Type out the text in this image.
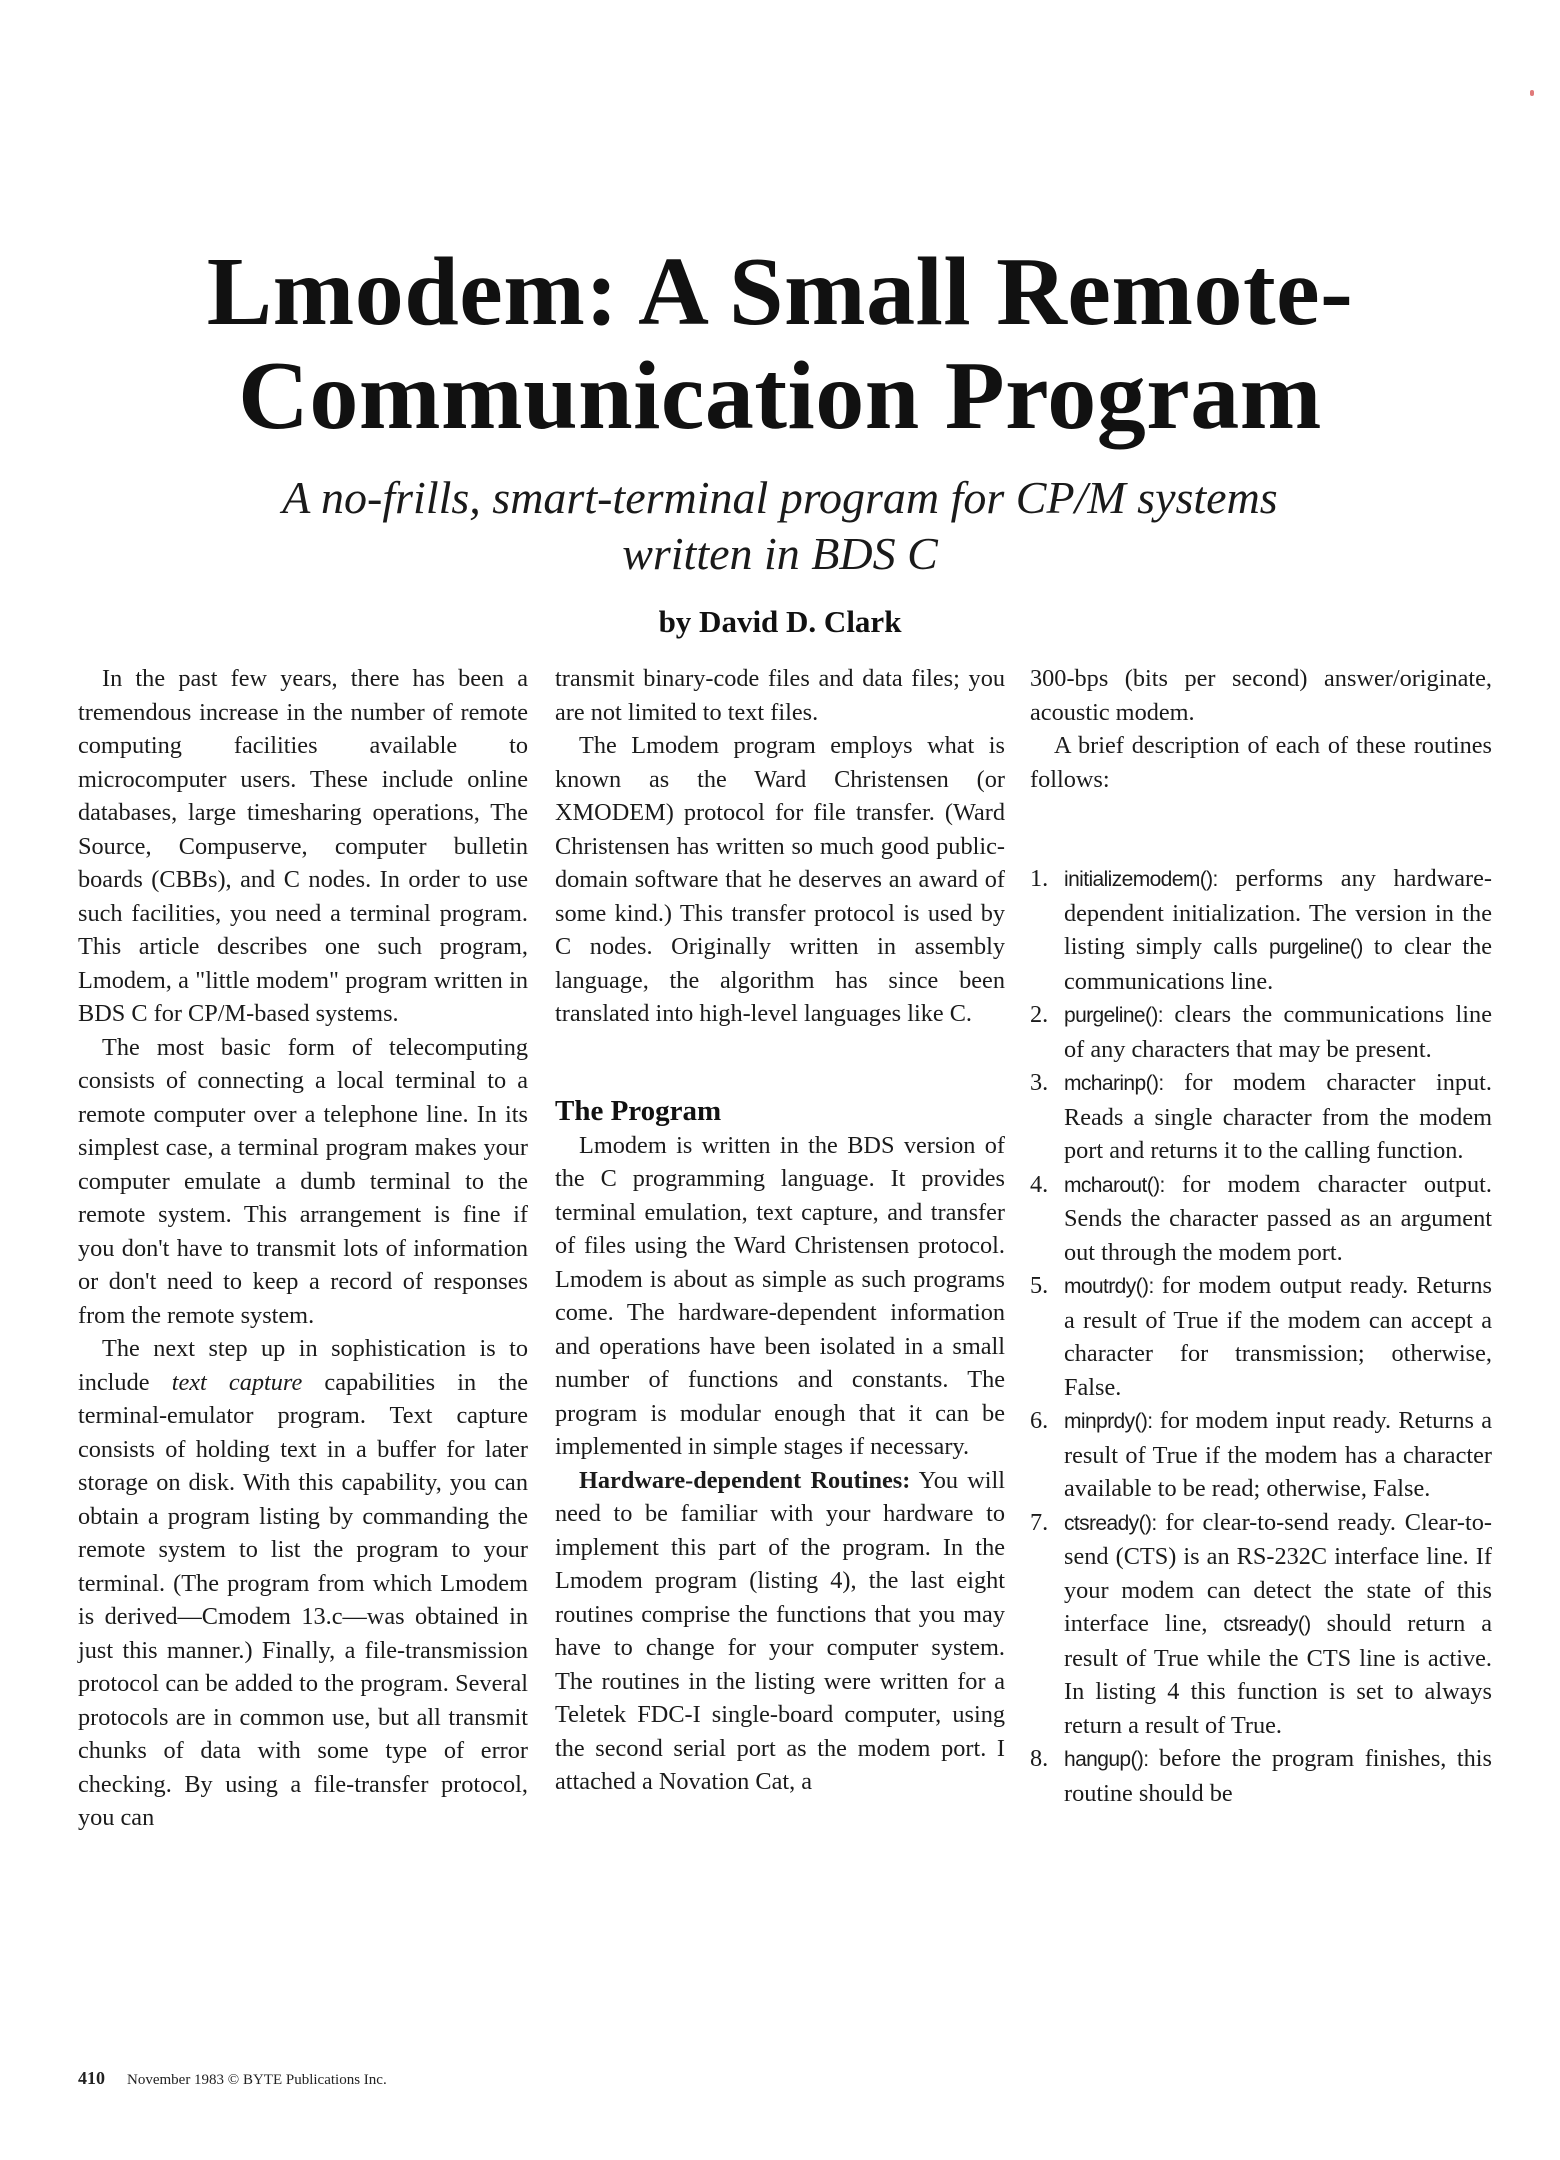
Lmodem: A Small Remote-
Communication Program
A no-frills, smart-terminal program for CP/M systems
written in BDS C
by David D. Clark

In the past few years, there has been a tremendous increase in the number of remote computing facilities available to microcomputer users. These include online databases, large timesharing operations, The Source, Compuserve, computer bulletin boards (CBBs), and C nodes. In order to use such facilities, you need a terminal program. This article describes one such program, Lmodem, a "little modem" program written in BDS C for CP/M-based systems.

The most basic form of telecomputing consists of connecting a local terminal to a remote computer over a telephone line. In its simplest case, a terminal program makes your computer emulate a dumb terminal to the remote system. This arrangement is fine if you don't have to transmit lots of information or don't need to keep a record of responses from the remote system.

The next step up in sophistication is to include text capture capabilities in the terminal-emulator program. Text capture consists of holding text in a buffer for later storage on disk. With this capability, you can obtain a program listing by commanding the remote system to list the program to your terminal. (The program from which Lmodem is derived—Cmodem 13.c—was obtained in just this manner.) Finally, a file-transmission protocol can be added to the program. Several protocols are in common use, but all transmit chunks of data with some type of error checking. By using a file-transfer protocol, you can

transmit binary-code files and data files; you are not limited to text files.

The Lmodem program employs what is known as the Ward Christensen (or XMODEM) protocol for file transfer. (Ward Christensen has written so much good public-domain software that he deserves an award of some kind.) This transfer protocol is used by C nodes. Originally written in assembly language, the algorithm has since been translated into high-level languages like C.

The Program

Lmodem is written in the BDS version of the C programming language. It provides terminal emulation, text capture, and transfer of files using the Ward Christensen protocol. Lmodem is about as simple as such programs come. The hardware-dependent information and operations have been isolated in a small number of functions and constants. The program is modular enough that it can be implemented in simple stages if necessary.

Hardware-dependent Routines: You will need to be familiar with your hardware to implement this part of the program. In the Lmodem program (listing 4), the last eight routines comprise the functions that you may have to change for your computer system. The routines in the listing were written for a Teletek FDC-I single-board computer, using the second serial port as the modem port. I attached a Novation Cat, a

300-bps (bits per second) answer/originate, acoustic modem.

A brief description of each of these routines follows:

1. initializemodem(): performs any hardware-dependent initialization. The version in the listing simply calls purgeline() to clear the communications line.
2. purgeline(): clears the communications line of any characters that may be present.
3. mcharinp(): for modem character input. Reads a single character from the modem port and returns it to the calling function.
4. mcharout(): for modem character output. Sends the character passed as an argument out through the modem port.
5. moutrdy(): for modem output ready. Returns a result of True if the modem can accept a character for transmission; otherwise, False.
6. minprdy(): for modem input ready. Returns a result of True if the modem has a character available to be read; otherwise, False.
7. ctsready(): for clear-to-send ready. Clear-to-send (CTS) is an RS-232C interface line. If your modem can detect the state of this interface line, ctsready() should return a result of True while the CTS line is active. In listing 4 this function is set to always return a result of True.
8. hangup(): before the program finishes, this routine should be
410 November 1983 © BYTE Publications Inc.
